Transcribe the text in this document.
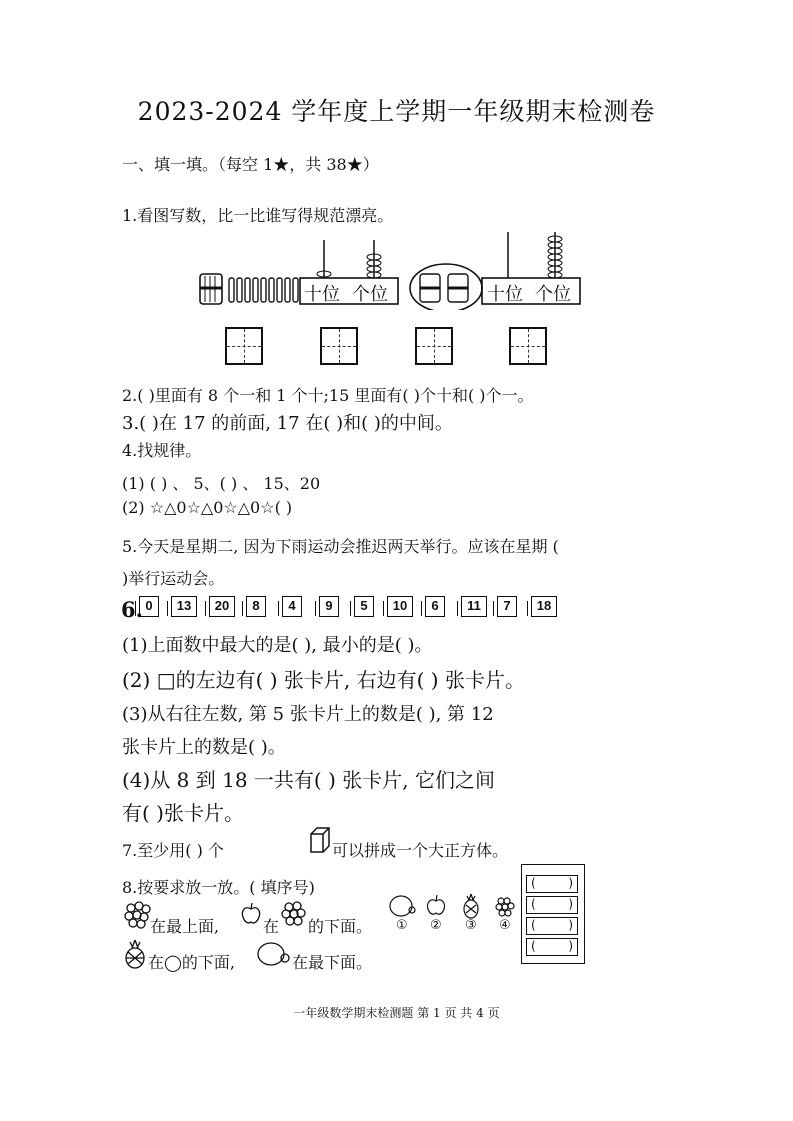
2023-2024 学年度上学期一年级期末检测卷
一、填一填。（每空 1★，共 38★）
1.看图写数，比一比谁写得规范漂亮。
十位 个位	十位 个位
2.( )里面有 8 个一和 1 个十;15 里面有( )个十和( )个一。
3.( )在 17 的前面, 17 在( )和( )的中间。
4.找规律。
(1) ( ) 、 5、( ) 、 15、20
(2) ☆△0☆△0☆△0☆( )
5.今天是星期二, 因为下雨运动会推迟两天举行。应该在星期 (
)举行运动会。
6. 0	13	20	8	4	9	5	10	6	11	7	18
(1)上面数中最大的是( ), 最小的是( )。
(2) □的左边有( ) 张卡片, 右边有( ) 张卡片。
(3)从右往左数, 第 5 张卡片上的数是( ), 第 12
张卡片上的数是( )。
(4)从 8 到 18 一共有( ) 张卡片, 它们之间
有( )张卡片。
7.至少用( ) 个	可以拼成一个大正方体。
8.按要求放一放。( 填序号)
在最上面,	在 的下面。
在◯的下面,	在最下面。
① ② ③ ④
(	)
(	)
(	)
(	)
一年级数学期末检测题 第 1 页 共 4 页
